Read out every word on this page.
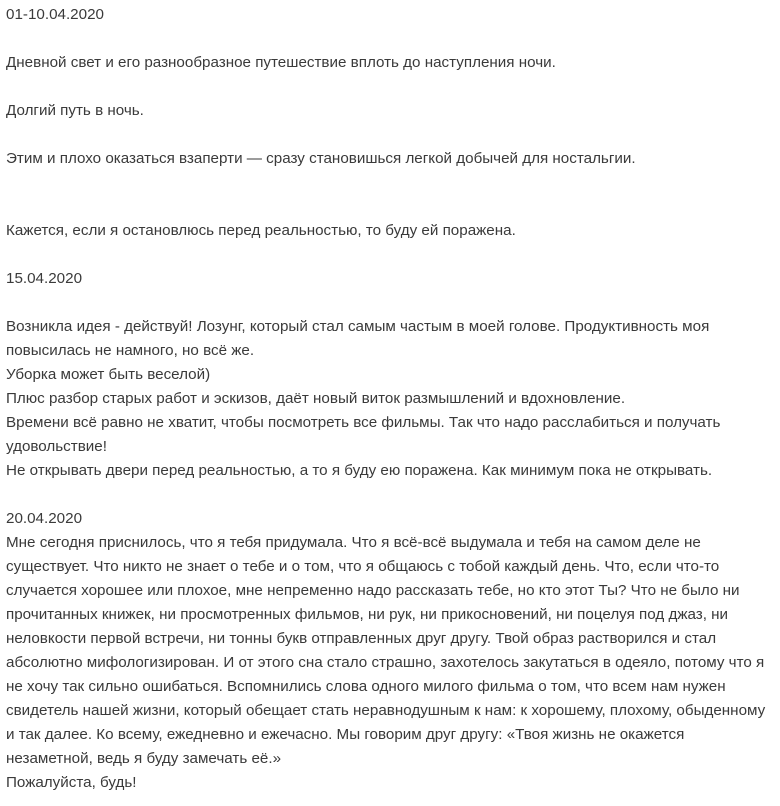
01-10.04.2020

Дневной свет и его разнообразное путешествие вплоть до наступления ночи.

Долгий путь в ночь.

Этим и плохо оказаться взаперти — сразу становишься легкой добычей для ностальгии.

Кажется, если я остановлюсь перед реальностью, то буду ей поражена.

15.04.2020

Возникла идея - действуй! Лозунг, который стал самым частым в моей голове. Продуктивность моя повысилась не намного, но всё же.

Уборка может быть веселой)

Плюс разбор старых работ и эскизов, даёт новый виток размышлений и вдохновление.

Времени всё равно не хватит, чтобы посмотреть все фильмы. Так что надо расслабиться и получать удовольствие!

Не открывать двери перед реальностью, а то я буду ею поражена. Как минимум пока не открывать.

20.04.2020

Мне сегодня приснилось, что я тебя придумала. Что я всё-всё выдумала и тебя на самом деле не существует. Что никто не знает о тебе и о том, что я общаюсь с тобой каждый день. Что, если что-то случается хорошее или плохое, мне непременно надо рассказать тебе, но кто этот Ты? Что не было ни прочитанных книжек, ни просмотренных фильмов, ни рук, ни прикосновений, ни поцелуя под джаз, ни неловкости первой встречи, ни тонны букв отправленных друг другу. Твой образ растворился и стал абсолютно мифологизирован. И от этого сна стало страшно, захотелось закутаться в одеяло, потому что я не хочу так сильно ошибаться. Вспомнились слова одного милого фильма о том, что всем нам нужен свидетель нашей жизни, который обещает стать неравнодушным к нам: к хорошему, плохому, обыденному и так далее. Ко всему, ежедневно и ежечасно. Мы говорим друг другу: «Твоя жизнь не окажется незаметной, ведь я буду замечать её.»

Пожалуйста, будь!
